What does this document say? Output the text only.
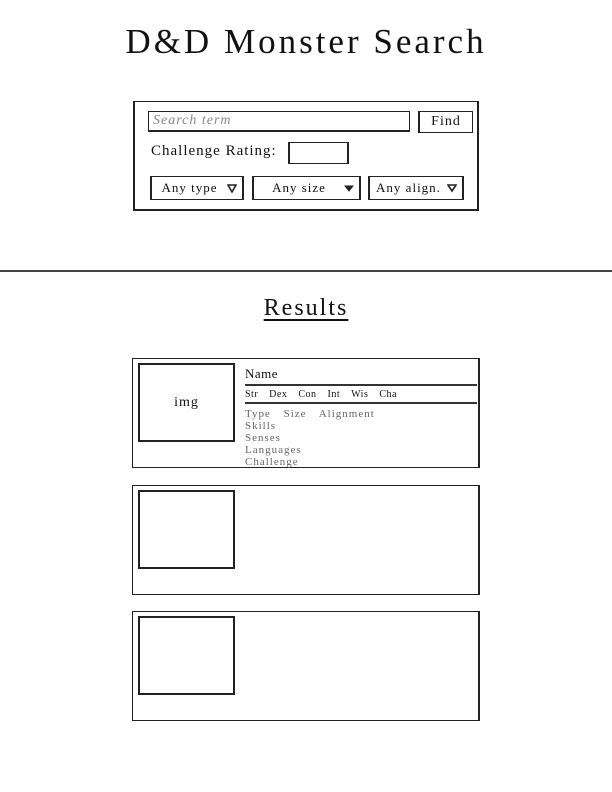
D&D Monster Search
Search term
Find
Challenge Rating:
Any type	Any size	Any align.
Results
img
Name
Str Dex Con Int Wis Cha
Type Size Alignment
Skills
Senses
Languages
Challenge
